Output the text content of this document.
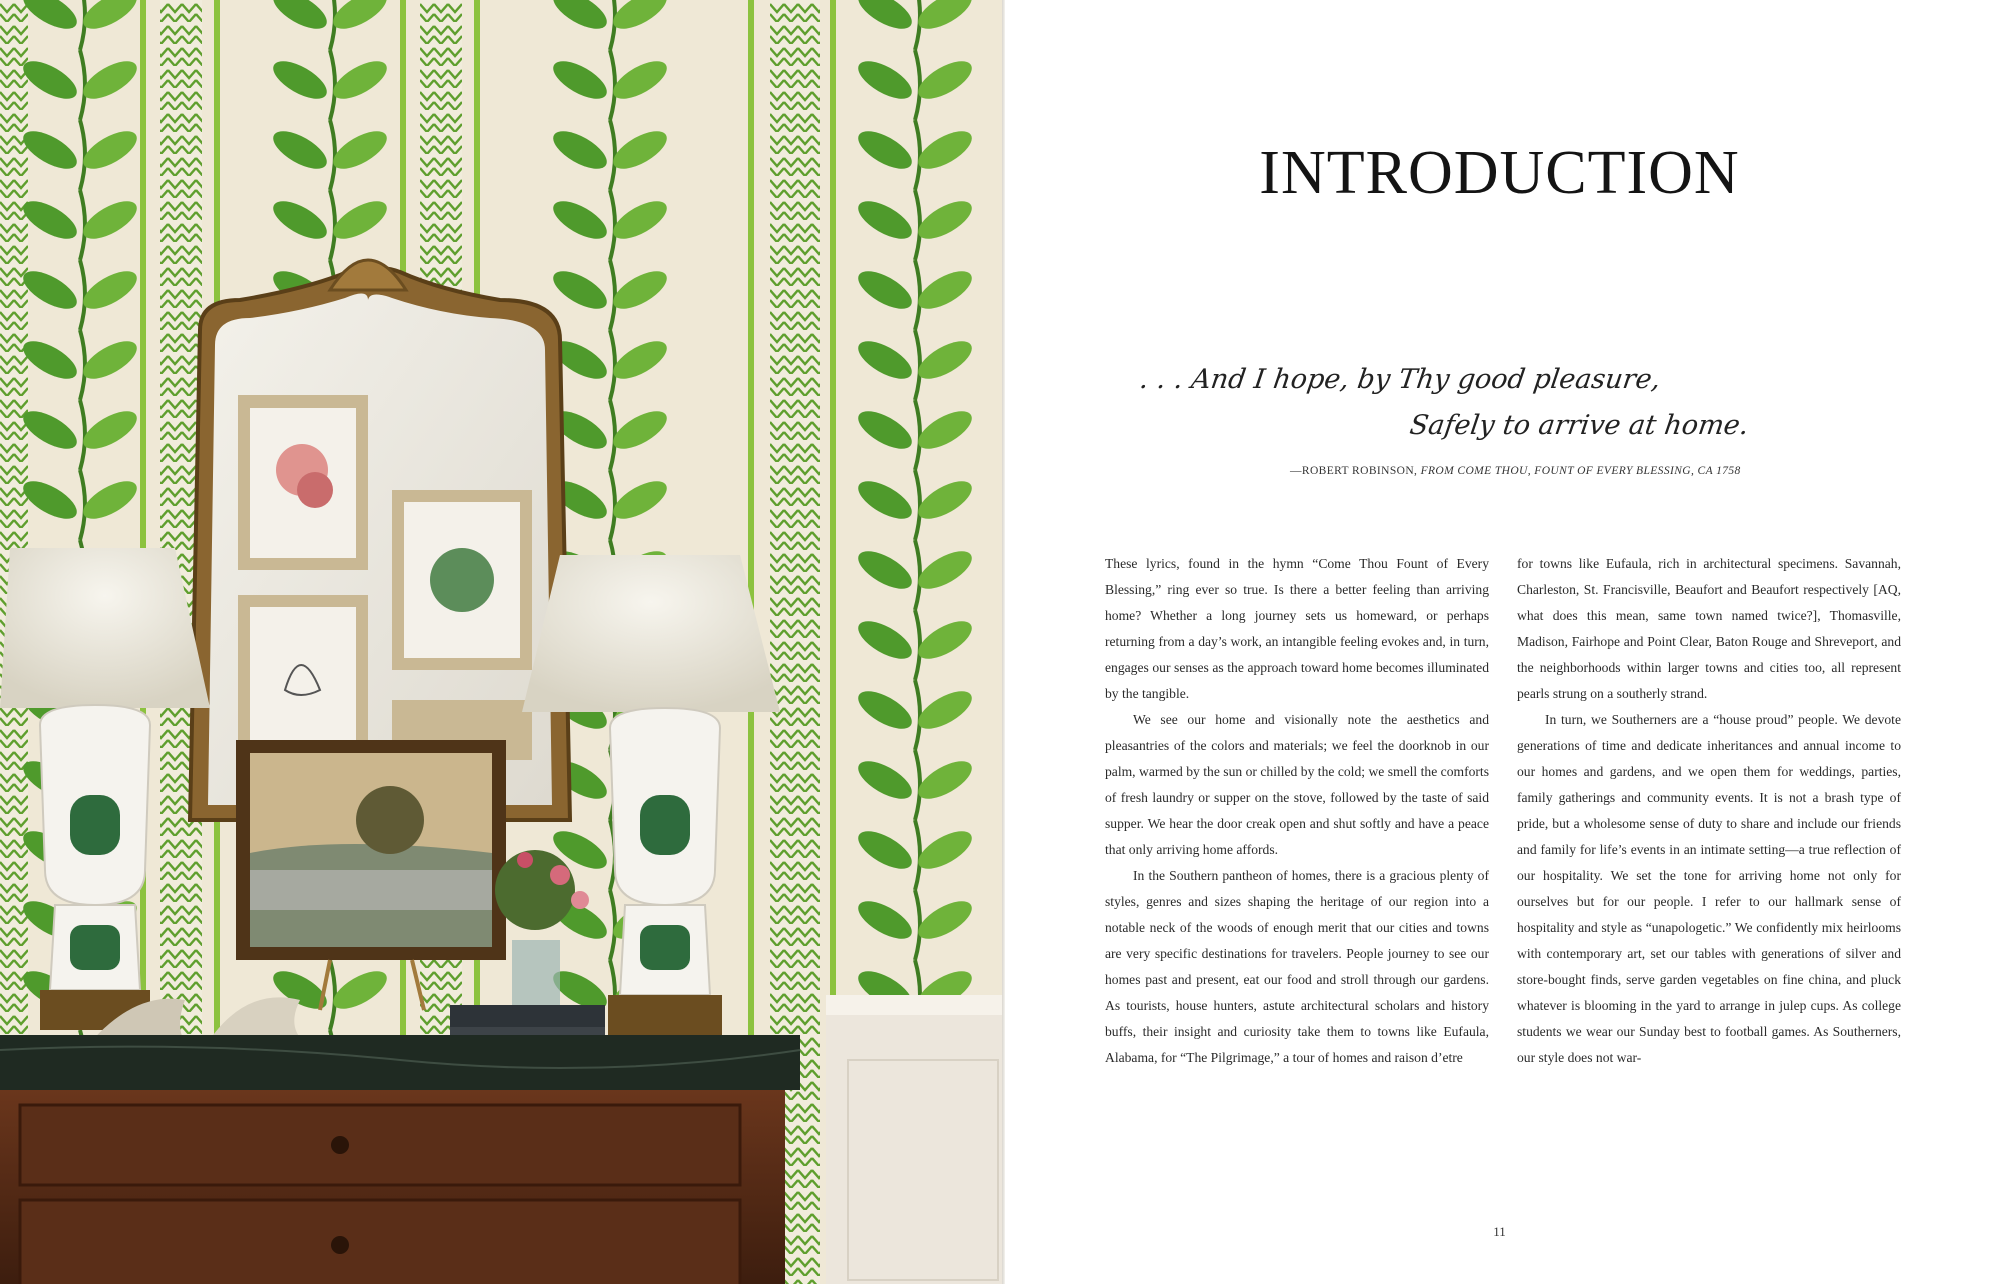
INTRODUCTION
. . . And I hope, by Thy good pleasure,
Safely to arrive at home.
—ROBERT ROBINSON, FROM COME THOU, FOUNT OF EVERY BLESSING, CA 1758

These lyrics, found in the hymn “Come Thou Fount of Every Blessing,” ring ever so true. Is there a better feeling than arriving home? Whether a long journey sets us homeward, or perhaps returning from a day’s work, an intangible feeling evokes and, in turn, engages our senses as the approach toward home becomes illuminated by the tangible.

We see our home and visionally note the aesthetics and pleasantries of the colors and materials; we feel the doorknob in our palm, warmed by the sun or chilled by the cold; we smell the comforts of fresh laundry or supper on the stove, followed by the taste of said supper. We hear the door creak open and shut softly and have a peace that only arriving home affords.

In the Southern pantheon of homes, there is a gracious plenty of styles, genres and sizes shaping the heritage of our region into a notable neck of the woods of enough merit that our cities and towns are very specific destinations for travelers. People journey to see our homes past and present, eat our food and stroll through our gardens. As tourists, house hunters, astute architectural scholars and history buffs, their insight and curiosity take them to towns like Eufaula, Alabama, for “The Pilgrimage,” a tour of homes and raison d’etre

for towns like Eufaula, rich in architectural specimens. Savannah, Charleston, St. Francisville, Beaufort and Beaufort respectively [AQ, what does this mean, same town named twice?], Thomasville, Madison, Fairhope and Point Clear, Baton Rouge and Shreveport, and the neighborhoods within larger towns and cities too, all represent pearls strung on a southerly strand.

In turn, we Southerners are a “house proud” people. We devote generations of time and dedicate inheritances and annual income to our homes and gardens, and we open them for weddings, parties, family gatherings and community events. It is not a brash type of pride, but a wholesome sense of duty to share and include our friends and family for life’s events in an intimate setting—a true reflection of our hospitality. We set the tone for arriving home not only for ourselves but for our people. I refer to our hallmark sense of hospitality and style as “unapologetic.” We confidently mix heirlooms with contemporary art, set our tables with generations of silver and store-bought finds, serve garden vegetables on fine china, and pluck whatever is blooming in the yard to arrange in julep cups. As college students we wear our Sunday best to football games. As Southerners, our style does not war-

11
